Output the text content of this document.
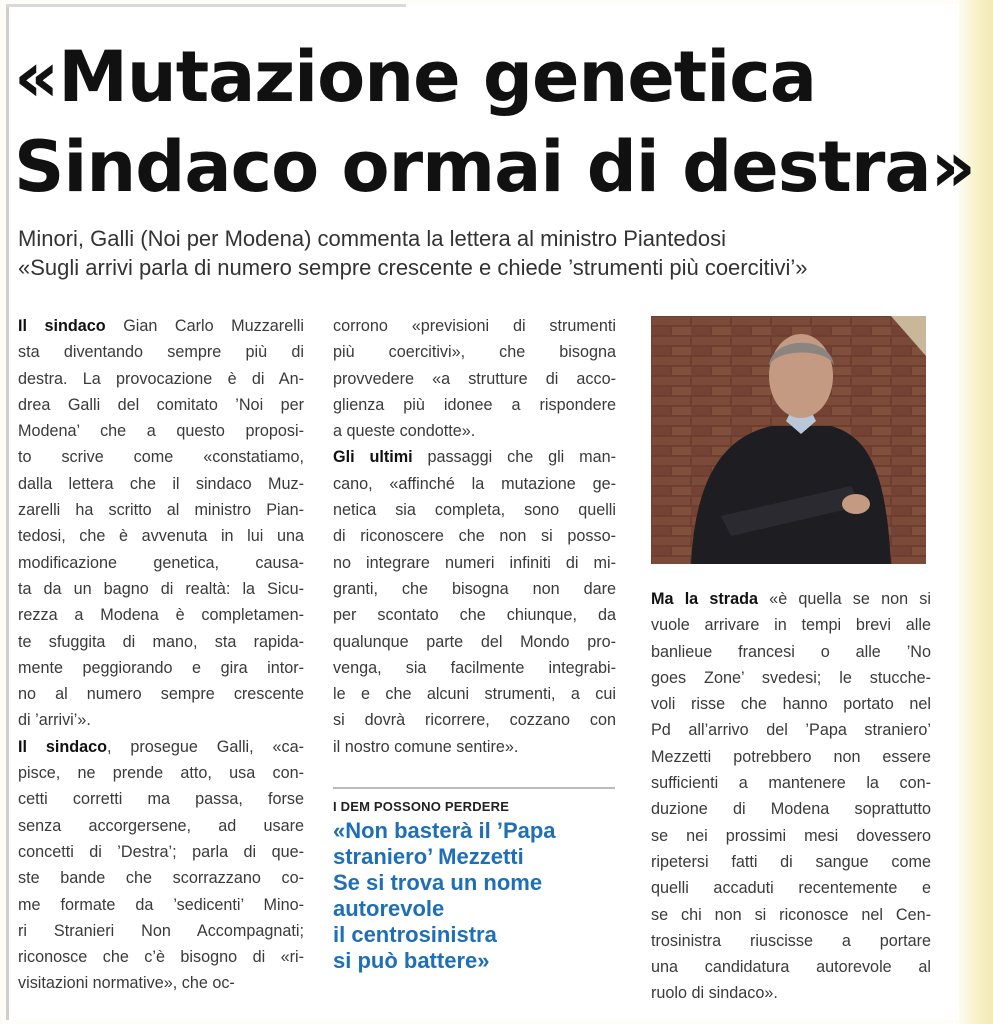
«Mutazione genetica
Sindaco ormai di destra»
Minori, Galli (Noi per Modena) commenta la lettera al ministro Piantedosi
«Sugli arrivi parla di numero sempre crescente e chiede ’strumenti più coercitivi’»
Il sindaco Gian Carlo Muzzarelli
sta diventando sempre più di
destra. La provocazione è di An-
drea Galli del comitato ’Noi per
Modena’ che a questo proposi-
to scrive come «constatiamo,
dalla lettera che il sindaco Muz-
zarelli ha scritto al ministro Pian-
tedosi, che è avvenuta in lui una
modificazione genetica, causa-
ta da un bagno di realtà: la Sicu-
rezza a Modena è completamen-
te sfuggita di mano, sta rapida-
mente peggiorando e gira intor-
no al numero sempre crescente
di ’arrivi’».
Il sindaco, prosegue Galli, «ca-
pisce, ne prende atto, usa con-
cetti corretti ma passa, forse
senza accorgersene, ad usare
concetti di ’Destra’; parla di que-
ste bande che scorrazzano co-
me formate da ’sedicenti’ Mino-
ri Stranieri Non Accompagnati;
riconosce che c’è bisogno di «ri-
visitazioni normative», che oc-
corrono «previsioni di strumenti
più coercitivi», che bisogna
provvedere «a strutture di acco-
glienza più idonee a rispondere
a queste condotte».
Gli ultimi passaggi che gli man-
cano, «affinché la mutazione ge-
netica sia completa, sono quelli
di riconoscere che non si posso-
no integrare numeri infiniti di mi-
granti, che bisogna non dare
per scontato che chiunque, da
qualunque parte del Mondo pro-
venga, sia facilmente integrabi-
le e che alcuni strumenti, a cui
si dovrà ricorrere, cozzano con
il nostro comune sentire».
Ma la strada «è quella se non si
vuole arrivare in tempi brevi alle
banlieue francesi o alle ’No
goes Zone’ svedesi; le stucche-
voli risse che hanno portato nel
Pd all’arrivo del ’Papa straniero’
Mezzetti potrebbero non essere
sufficienti a mantenere la con-
duzione di Modena soprattutto
se nei prossimi mesi dovessero
ripetersi fatti di sangue come
quelli accaduti recentemente e
se chi non si riconosce nel Cen-
trosinistra riuscisse a portare
una candidatura autorevole al
ruolo di sindaco».
I DEM POSSONO PERDERE
«Non basterà il ’Papa
straniero’ Mezzetti
Se si trova un nome
autorevole
il centrosinistra
si può battere»
